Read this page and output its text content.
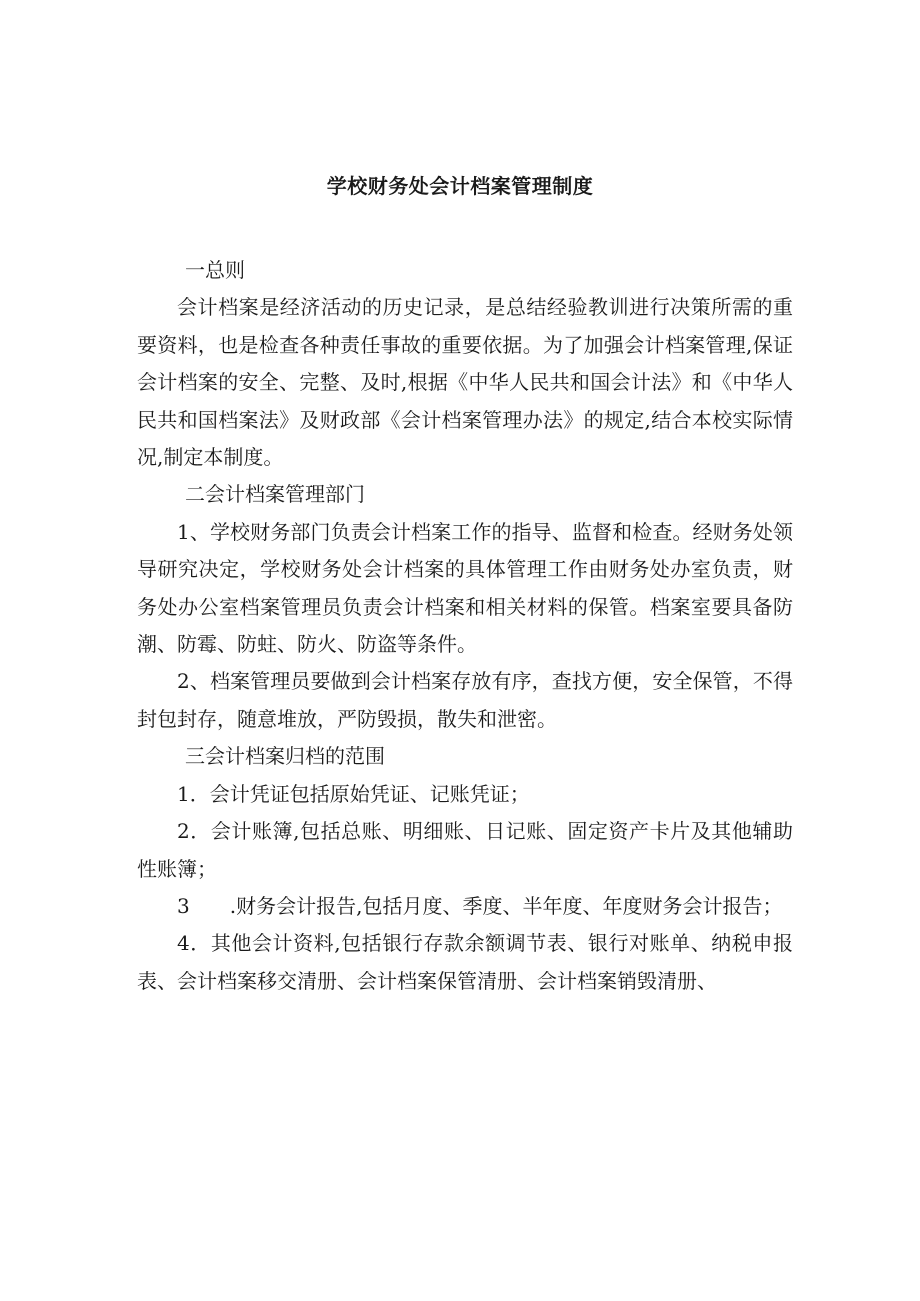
学校财务处会计档案管理制度

一总则

会计档案是经济活动的历史记录，是总结经验教训进行决策所需的重要资料，也是检查各种责任事故的重要依据。为了加强会计档案管理,保证会计档案的安全、完整、及时,根据《中华人民共和国会计法》和《中华人民共和国档案法》及财政部《会计档案管理办法》的规定,结合本校实际情况,制定本制度。

二会计档案管理部门

1、学校财务部门负责会计档案工作的指导、监督和检查。经财务处领导研究决定，学校财务处会计档案的具体管理工作由财务处办室负责，财务处办公室档案管理员负责会计档案和相关材料的保管。档案室要具备防潮、防霉、防蛀、防火、防盗等条件。

2、档案管理员要做到会计档案存放有序，查找方便，安全保管，不得封包封存，随意堆放，严防毁损，散失和泄密。

三会计档案归档的范围

1．会计凭证包括原始凭证、记账凭证；

2．会计账簿,包括总账、明细账、日记账、固定资产卡片及其他辅助性账簿；

3　　.财务会计报告,包括月度、季度、半年度、年度财务会计报告；

4．其他会计资料,包括银行存款余额调节表、银行对账单、纳税申报表、会计档案移交清册、会计档案保管清册、会计档案销毁清册、
